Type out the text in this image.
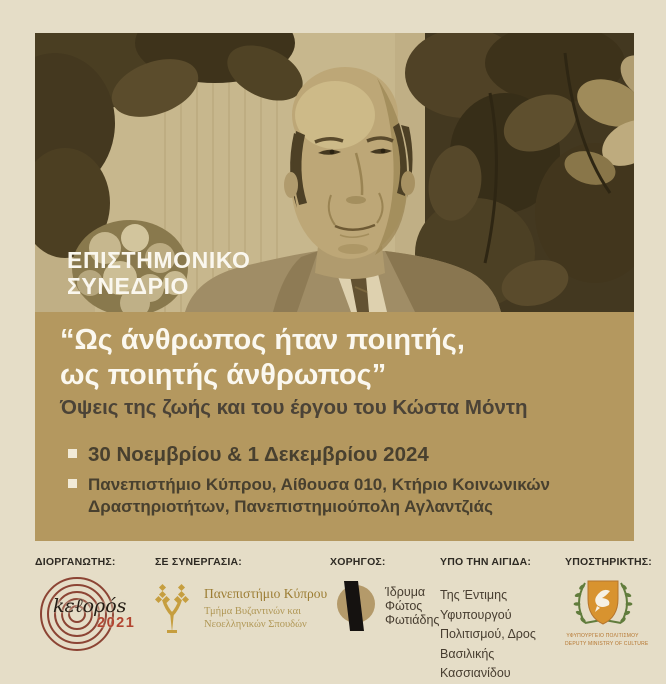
ΕΠΙΣΤΗΜΟΝΙΚΟ
ΣΥΝΕΔΡΙΟ
“Ως άνθρωπος ήταν ποιητής,
ως ποιητής άνθρωπος”
Όψεις της ζωής και του έργου του Κώστα Μόντη
30 Νοεμβρίου & 1 Δεκεμβρίου 2024
Πανεπιστήμιο Κύπρου, Αίθουσα 010, Κτήριο Κοινωνικών
Δραστηριοτήτων, Πανεπιστημιούπολη Αγλαντζιάς
ΔΙΟΡΓΑΝΩΤΗΣ:
kεℓoρós
2021
ΣΕ ΣΥΝΕΡΓΑΣΙΑ:
Πανεπιστήμιο Κύπρου
Τμήμα Βυζαντινών και
Νεοελληνικών Σπουδών
ΧΟΡΗΓΟΣ:
Ίδρυμα
Φώτος
Φωτιάδης
ΥΠΟ ΤΗΝ ΑΙΓΙΔΑ:
Της Έντιμης Υφυπουργού
Πολιτισμού, Δρος Βασιλικής
Κασσιανίδου
ΥΠΟΣΤΗΡΙΚΤΗΣ:
ΥΦΥΠΟΥΡΓΕΙΟ ΠΟΛΙΤΙΣΜΟΥ
DEPUTY MINISTRY OF CULTURE
